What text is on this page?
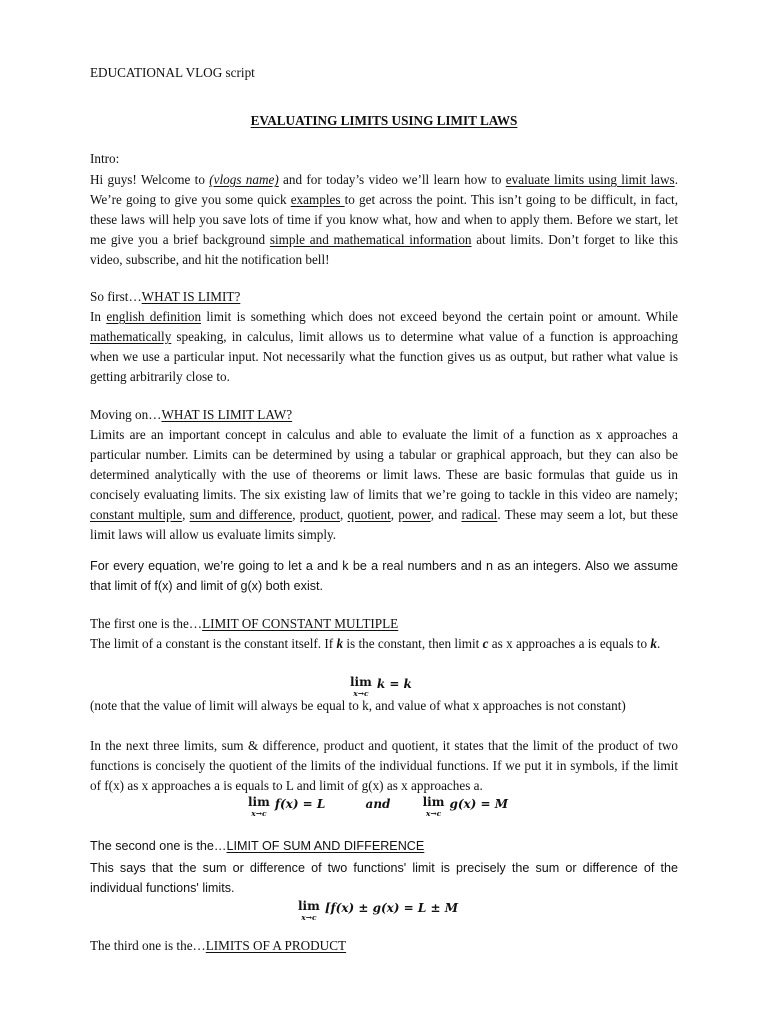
EDUCATIONAL VLOG script
EVALUATING LIMITS USING LIMIT LAWS
Intro:
Hi guys! Welcome to (vlogs name) and for today’s video we’ll learn how to evaluate limits using limit laws. We’re going to give you some quick examples to get across the point. This isn’t going to be difficult, in fact, these laws will help you save lots of time if you know what, how and when to apply them. Before we start, let me give you a brief background simple and mathematical information about limits. Don’t forget to like this video, subscribe, and hit the notification bell!
So first…WHAT IS LIMIT?
In english definition limit is something which does not exceed beyond the certain point or amount. While mathematically speaking, in calculus, limit allows us to determine what value of a function is approaching when we use a particular input. Not necessarily what the function gives us as output, but rather what value is getting arbitrarily close to.
Moving on…WHAT IS LIMIT LAW?
Limits are an important concept in calculus and able to evaluate the limit of a function as x approaches a particular number. Limits can be determined by using a tabular or graphical approach, but they can also be determined analytically with the use of theorems or limit laws. These are basic formulas that guide us in concisely evaluating limits. The six existing law of limits that we’re going to tackle in this video are namely; constant multiple, sum and difference, product, quotient, power, and radical. These may seem a lot, but these limit laws will allow us evaluate limits simply.
For every equation, we’re going to let a and k be a real numbers and n as an integers. Also we assume that limit of f(x) and limit of g(x) both exist.
The first one is the…LIMIT OF CONSTANT MULTIPLE
The limit of a constant is the constant itself. If k is the constant, then limit c as x approaches a is equals to k.
lim
x→c
k = k
(note that the value of limit will always be equal to k, and value of what x approaches is not constant)
In the next three limits, sum & difference, product and quotient, it states that the limit of the product of two functions is concisely the quotient of the limits of the individual functions. If we put it in symbols, if the limit of f(x) as x approaches a is equals to L and limit of g(x) as x approaches a.
lim
x→c
f(x) = L	and	lim
x→c
g(x) = M
The second one is the…LIMIT OF SUM AND DIFFERENCE
This says that the sum or difference of two functions' limit is precisely the sum or difference of the individual functions' limits.
lim
x→c
[f(x) ± g(x) = L ± M
The third one is the…LIMITS OF A PRODUCT
